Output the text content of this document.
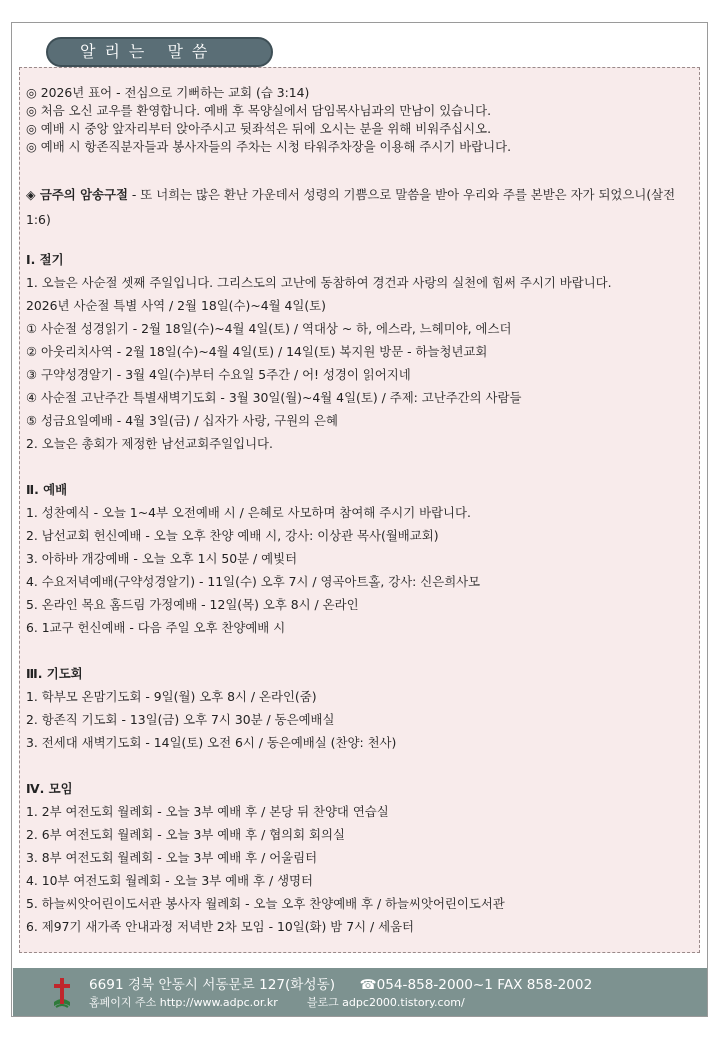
알리는 말씀
◎ 2026년 표어 - 전심으로 기뻐하는 교회 (습 3:14)
◎ 처음 오신 교우를 환영합니다. 예배 후 목양실에서 담임목사님과의 만남이 있습니다.
◎ 예배 시 중앙 앞자리부터 앉아주시고 뒷좌석은 뒤에 오시는 분을 위해 비워주십시오.
◎ 예배 시 항존직분자들과 봉사자들의 주차는 시청 타워주차장을 이용해 주시기 바랍니다.
◈ 금주의 암송구절 - 또 너희는 많은 환난 가운데서 성령의 기쁨으로 말씀을 받아 우리와 주를 본받은 자가 되었으니(살전 1:6)
Ⅰ. 절기
1. 오늘은 사순절 셋째 주일입니다. 그리스도의 고난에 동참하여 경건과 사랑의 실천에 힘써 주시기 바랍니다.
2026년 사순절 특별 사역 / 2월 18일(수)~4월 4일(토)
① 사순절 성경읽기 - 2월 18일(수)~4월 4일(토) / 역대상 ~ 하, 에스라, 느헤미야, 에스더
② 아웃리치사역 - 2월 18일(수)~4월 4일(토) / 14일(토) 복지원 방문 - 하늘청년교회
③ 구약성경알기 - 3월 4일(수)부터 수요일 5주간 / 어! 성경이 읽어지네
④ 사순절 고난주간 특별새벽기도회 - 3월 30일(월)~4월 4일(토) / 주제: 고난주간의 사람들
⑤ 성금요일예배 - 4월 3일(금) / 십자가 사랑, 구원의 은혜
2. 오늘은 총회가 제정한 남선교회주일입니다.
Ⅱ. 예배
1. 성찬예식 - 오늘 1~4부 오전예배 시 / 은혜로 사모하며 참여해 주시기 바랍니다.
2. 남선교회 헌신예배 - 오늘 오후 찬양 예배 시, 강사: 이상관 목사(월배교회)
3. 아하바 개강예배 - 오늘 오후 1시 50분 / 예빛터
4. 수요저녁예배(구약성경알기) - 11일(수) 오후 7시 / 영곡아트홀, 강사: 신은희사모
5. 온라인 목요 홈드림 가정예배 - 12일(목) 오후 8시 / 온라인
6. 1교구 헌신예배 - 다음 주일 오후 찬양예배 시
Ⅲ. 기도회
1. 학부모 온맘기도회 - 9일(월) 오후 8시 / 온라인(줌)
2. 항존직 기도회 - 13일(금) 오후 7시 30분 / 동은예배실
3. 전세대 새벽기도회 - 14일(토) 오전 6시 / 동은예배실 (찬양: 천사)
Ⅳ. 모임
1. 2부 여전도회 월례회 - 오늘 3부 예배 후 / 본당 뒤 찬양대 연습실
2. 6부 여전도회 월례회 - 오늘 3부 예배 후 / 협의회 회의실
3. 8부 여전도회 월례회 - 오늘 3부 예배 후 / 어울림터
4. 10부 여전도회 월례회 - 오늘 3부 예배 후 / 생명터
5. 하늘씨앗어린이도서관 봉사자 월례회 - 오늘 오후 찬양예배 후 / 하늘씨앗어린이도서관
6. 제97기 새가족 안내과정 저녁반 2차 모임 - 10일(화) 밤 7시 / 세움터
6691 경북 안동시 서동문로 127(화성동) ☎054-858-2000~1 FAX 858-2002
홈페이지 주소 http://www.adpc.or.kr	블로그 adpc2000.tistory.com/
